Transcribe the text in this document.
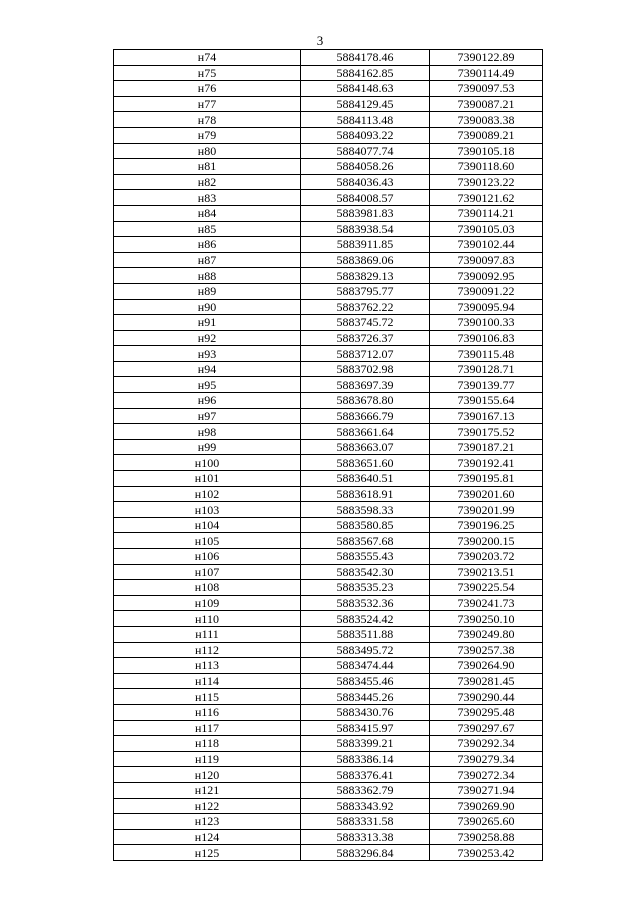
3
н74	5884178.46	7390122.89
н75	5884162.85	7390114.49
н76	5884148.63	7390097.53
н77	5884129.45	7390087.21
н78	5884113.48	7390083.38
н79	5884093.22	7390089.21
н80	5884077.74	7390105.18
н81	5884058.26	7390118.60
н82	5884036.43	7390123.22
н83	5884008.57	7390121.62
н84	5883981.83	7390114.21
н85	5883938.54	7390105.03
н86	5883911.85	7390102.44
н87	5883869.06	7390097.83
н88	5883829.13	7390092.95
н89	5883795.77	7390091.22
н90	5883762.22	7390095.94
н91	5883745.72	7390100.33
н92	5883726.37	7390106.83
н93	5883712.07	7390115.48
н94	5883702.98	7390128.71
н95	5883697.39	7390139.77
н96	5883678.80	7390155.64
н97	5883666.79	7390167.13
н98	5883661.64	7390175.52
н99	5883663.07	7390187.21
н100	5883651.60	7390192.41
н101	5883640.51	7390195.81
н102	5883618.91	7390201.60
н103	5883598.33	7390201.99
н104	5883580.85	7390196.25
н105	5883567.68	7390200.15
н106	5883555.43	7390203.72
н107	5883542.30	7390213.51
н108	5883535.23	7390225.54
н109	5883532.36	7390241.73
н110	5883524.42	7390250.10
н111	5883511.88	7390249.80
н112	5883495.72	7390257.38
н113	5883474.44	7390264.90
н114	5883455.46	7390281.45
н115	5883445.26	7390290.44
н116	5883430.76	7390295.48
н117	5883415.97	7390297.67
н118	5883399.21	7390292.34
н119	5883386.14	7390279.34
н120	5883376.41	7390272.34
н121	5883362.79	7390271.94
н122	5883343.92	7390269.90
н123	5883331.58	7390265.60
н124	5883313.38	7390258.88
н125	5883296.84	7390253.42
